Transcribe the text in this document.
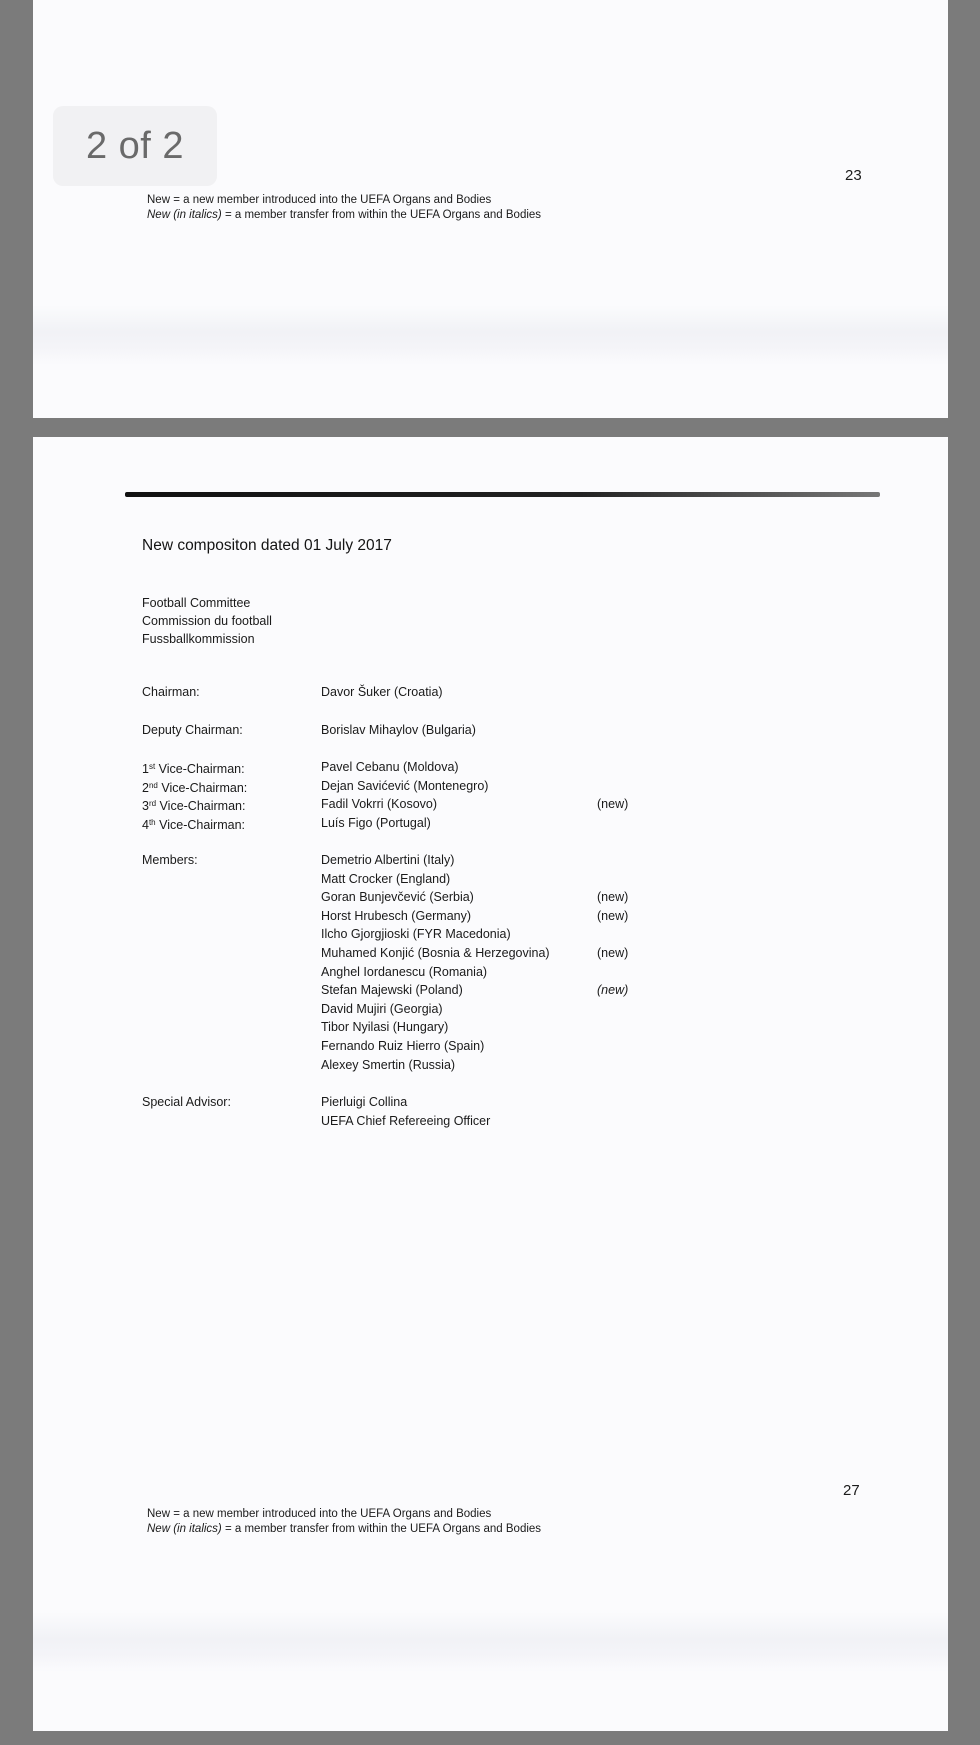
2 of 2
23
New = a new member introduced into the UEFA Organs and Bodies
New (in italics) = a member transfer from within the UEFA Organs and Bodies
New compositon dated 01 July 2017
Football Committee
Commission du football
Fussballkommission
Chairman:	Davor Šuker (Croatia)
Deputy Chairman:	Borislav Mihaylov (Bulgaria)
1st Vice-Chairman:	Pavel Cebanu (Moldova)
2nd Vice-Chairman:	Dejan Savićević (Montenegro)
3rd Vice-Chairman:	Fadil Vokrri (Kosovo)	(new)
4th Vice-Chairman:	Luís Figo (Portugal)
Members:	Demetrio Albertini (Italy)
Matt Crocker (England)
Goran Bunjevčević (Serbia)	(new)
Horst Hrubesch (Germany)	(new)
Ilcho Gjorgjioski (FYR Macedonia)
Muhamed Konjić (Bosnia & Herzegovina)	(new)
Anghel Iordanescu (Romania)
Stefan Majewski (Poland)	(new)
David Mujiri (Georgia)
Tibor Nyilasi (Hungary)
Fernando Ruiz Hierro (Spain)
Alexey Smertin (Russia)
Special Advisor:	Pierluigi Collina
UEFA Chief Refereeing Officer
27
New = a new member introduced into the UEFA Organs and Bodies
New (in italics) = a member transfer from within the UEFA Organs and Bodies
